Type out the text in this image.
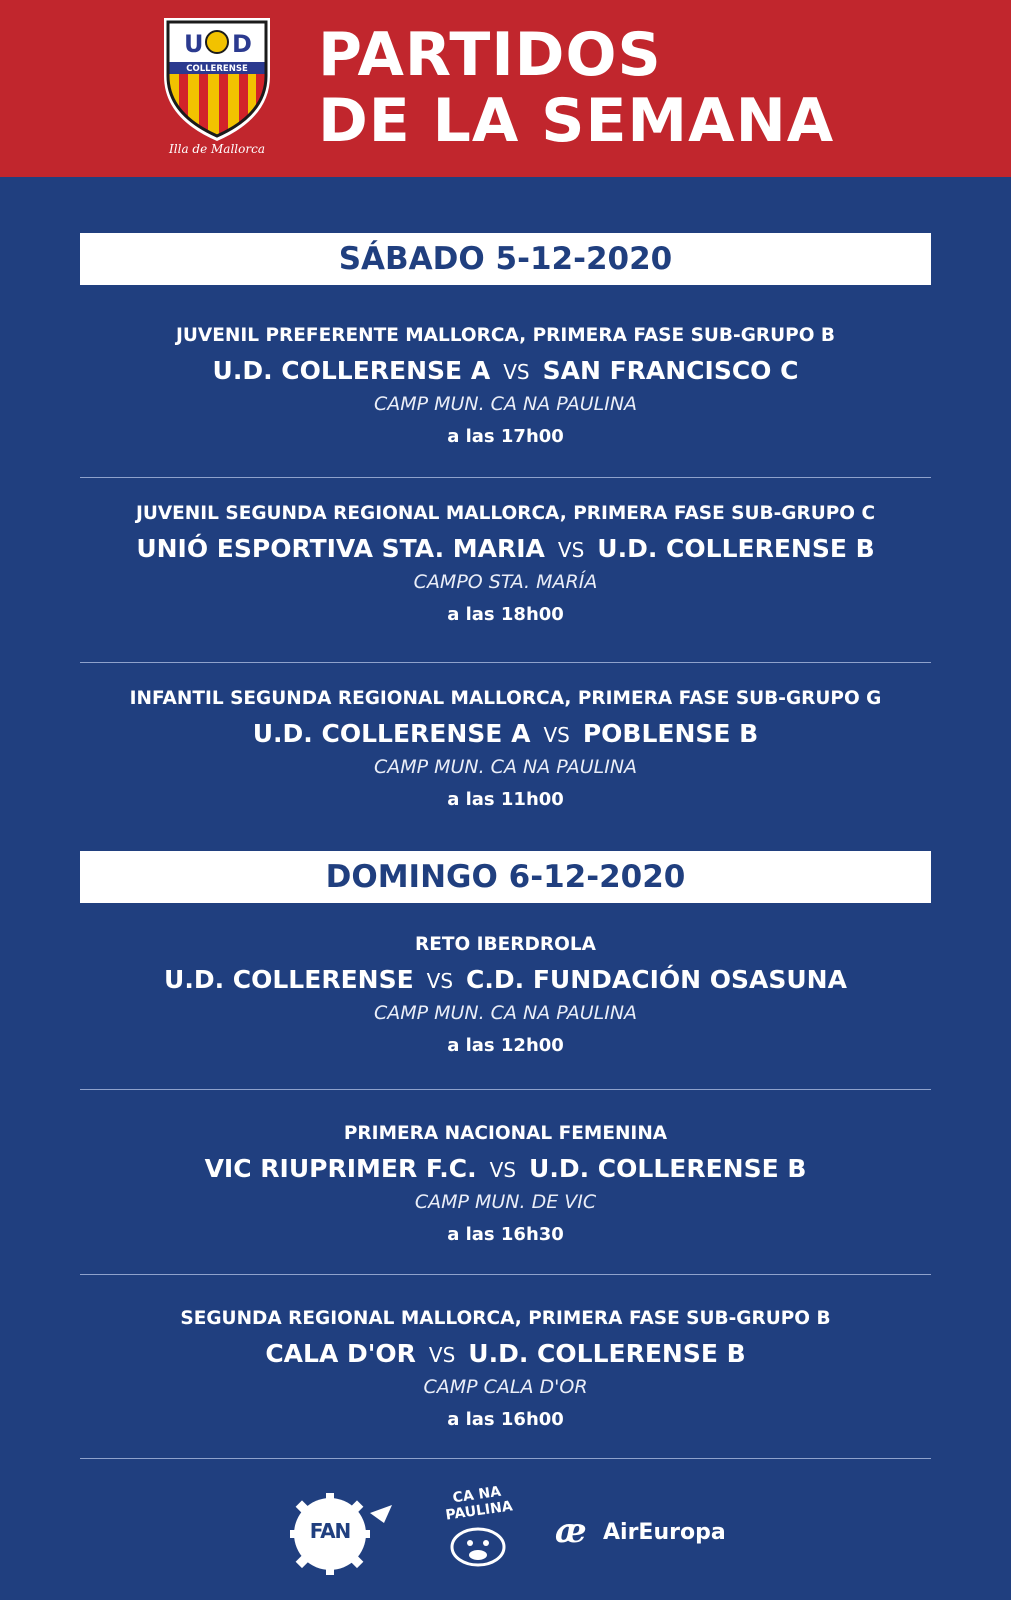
U D
COLLERENSE
Illa de Mallorca
PARTIDOS
DE LA SEMANA
SÁBADO 5-12-2020
JUVENIL PREFERENTE MALLORCA, PRIMERA FASE SUB-GRUPO B
U.D. COLLERENSE A VS SAN FRANCISCO C
CAMP MUN. CA NA PAULINA
a las 17h00
JUVENIL SEGUNDA REGIONAL MALLORCA, PRIMERA FASE SUB-GRUPO C
UNIÓ ESPORTIVA STA. MARIA VS U.D. COLLERENSE B
CAMPO STA. MARÍA
a las 18h00
INFANTIL SEGUNDA REGIONAL MALLORCA, PRIMERA FASE SUB-GRUPO G
U.D. COLLERENSE A VS POBLENSE B
CAMP MUN. CA NA PAULINA
a las 11h00
DOMINGO 6-12-2020
RETO IBERDROLA
U.D. COLLERENSE VS C.D. FUNDACIÓN OSASUNA
CAMP MUN. CA NA PAULINA
a las 12h00
PRIMERA NACIONAL FEMENINA
VIC RIUPRIMER F.C. VS U.D. COLLERENSE B
CAMP MUN. DE VIC
a las 16h30
SEGUNDA REGIONAL MALLORCA, PRIMERA FASE SUB-GRUPO B
CALA D'OR VS U.D. COLLERENSE B
CAMP CALA D'OR
a las 16h00
FAN
CA NA PAULINA
æ AirEuropa
